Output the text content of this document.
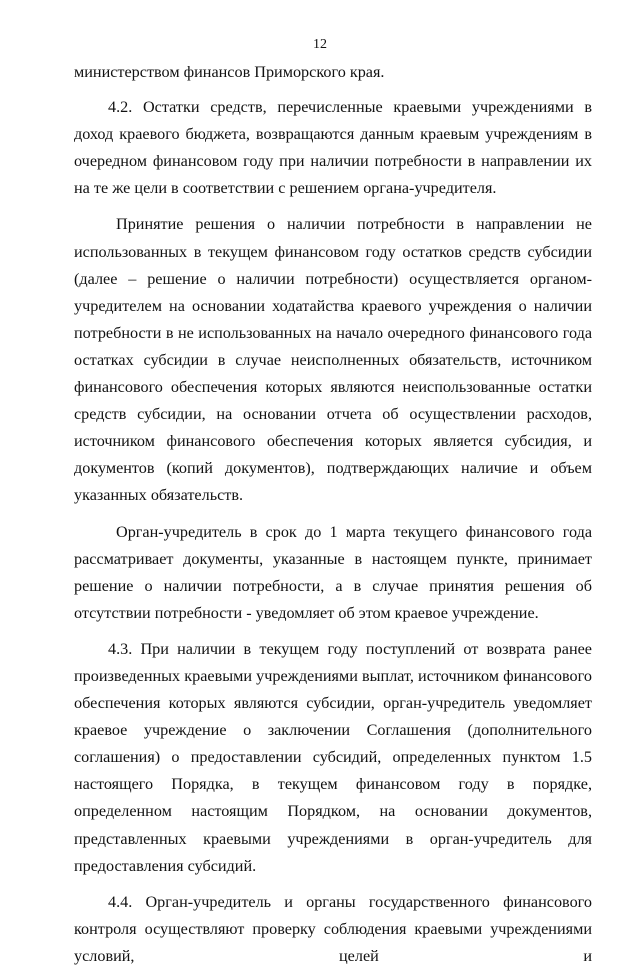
12

министерством финансов Приморского края.

4.2. Остатки средств, перечисленные краевыми учреждениями в доход краевого бюджета, возвращаются данным краевым учреждениям в очередном финансовом году при наличии потребности в направлении их на те же цели в соответствии с решением органа-учредителя.

Принятие решения о наличии потребности в направлении не использованных в текущем финансовом году остатков средств субсидии (далее – решение о наличии потребности) осуществляется органом-учредителем на основании ходатайства краевого учреждения о наличии потребности в не использованных на начало очередного финансового года остатках субсидии в случае неисполненных обязательств, источником финансового обеспечения которых являются неиспользованные остатки средств субсидии, на основании отчета об осуществлении расходов, источником финансового обеспечения которых является субсидия, и документов (копий документов), подтверждающих наличие и объем указанных обязательств.

Орган-учредитель в срок до 1 марта текущего финансового года рассматривает документы, указанные в настоящем пункте, принимает решение о наличии потребности, а в случае принятия решения об отсутствии потребности - уведомляет об этом краевое учреждение.

4.3. При наличии в текущем году поступлений от возврата ранее произведенных краевыми учреждениями выплат, источником финансового обеспечения которых являются субсидии, орган-учредитель уведомляет краевое учреждение о заключении Соглашения (дополнительного соглашения) о предоставлении субсидий, определенных пунктом 1.5 настоящего Порядка, в текущем финансовом году в порядке, определенном настоящим Порядком, на основании документов, представленных краевыми учреждениями в орган-учредитель для предоставления субсидий.

4.4. Орган-учредитель и органы государственного финансового контроля осуществляют проверку соблюдения краевыми учреждениями условий, целей и
